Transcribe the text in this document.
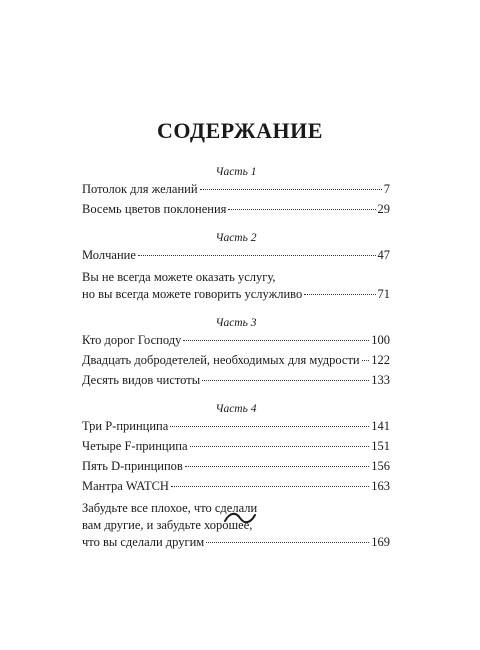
СОДЕРЖАНИЕ
Часть 1
Потолок для желаний	7
Восемь цветов поклонения	29
Часть 2
Молчание	47
Вы не всегда можете оказать услугу,
но вы всегда можете говорить услужливо	71
Часть 3
Кто дорог Господу	100
Двадцать добродетелей, необходимых для мудрости 122
Десять видов чистоты	133
Часть 4
Три P-принципа	141
Четыре F-принципа	151
Пять D-принципов	156
Мантра WATCH	163
Забудьте все плохое, что сделали
вам другие, и забудьте хорошее,
что вы сделали другим	169
